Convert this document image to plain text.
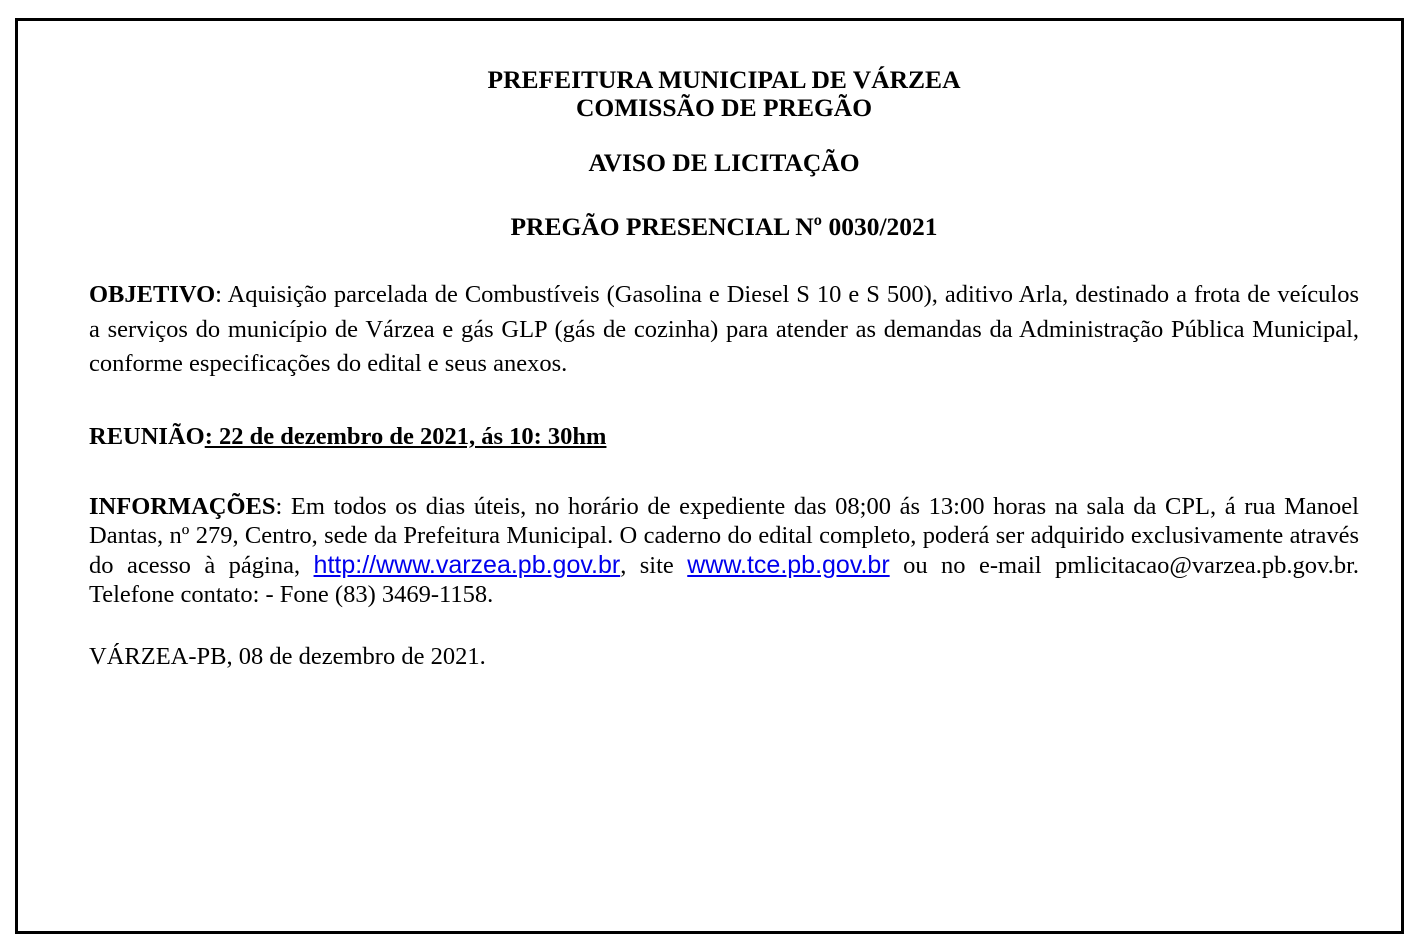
PREFEITURA MUNICIPAL DE VÁRZEA
COMISSÃO DE PREGÃO
AVISO DE LICITAÇÃO
PREGÃO PRESENCIAL Nº 0030/2021
OBJETIVO: Aquisição parcelada de Combustíveis (Gasolina e Diesel S 10 e S 500), aditivo Arla, destinado a frota de veículos a serviços do município de Várzea e gás GLP (gás de cozinha) para atender as demandas da Administração Pública Municipal, conforme especificações do edital e seus anexos.
REUNIÃO: 22 de dezembro de 2021, ás 10: 30hm
INFORMAÇÕES: Em todos os dias úteis, no horário de expediente das 08;00 ás 13:00 horas na sala da CPL, á rua Manoel Dantas, nº 279, Centro, sede da Prefeitura Municipal. O caderno do edital completo, poderá ser adquirido exclusivamente através do acesso à página, http://www.varzea.pb.gov.br, site www.tce.pb.gov.br ou no e-mail pmlicitacao@varzea.pb.gov.br. Telefone contato: - Fone (83) 3469-1158.
VÁRZEA-PB, 08 de dezembro de 2021.
